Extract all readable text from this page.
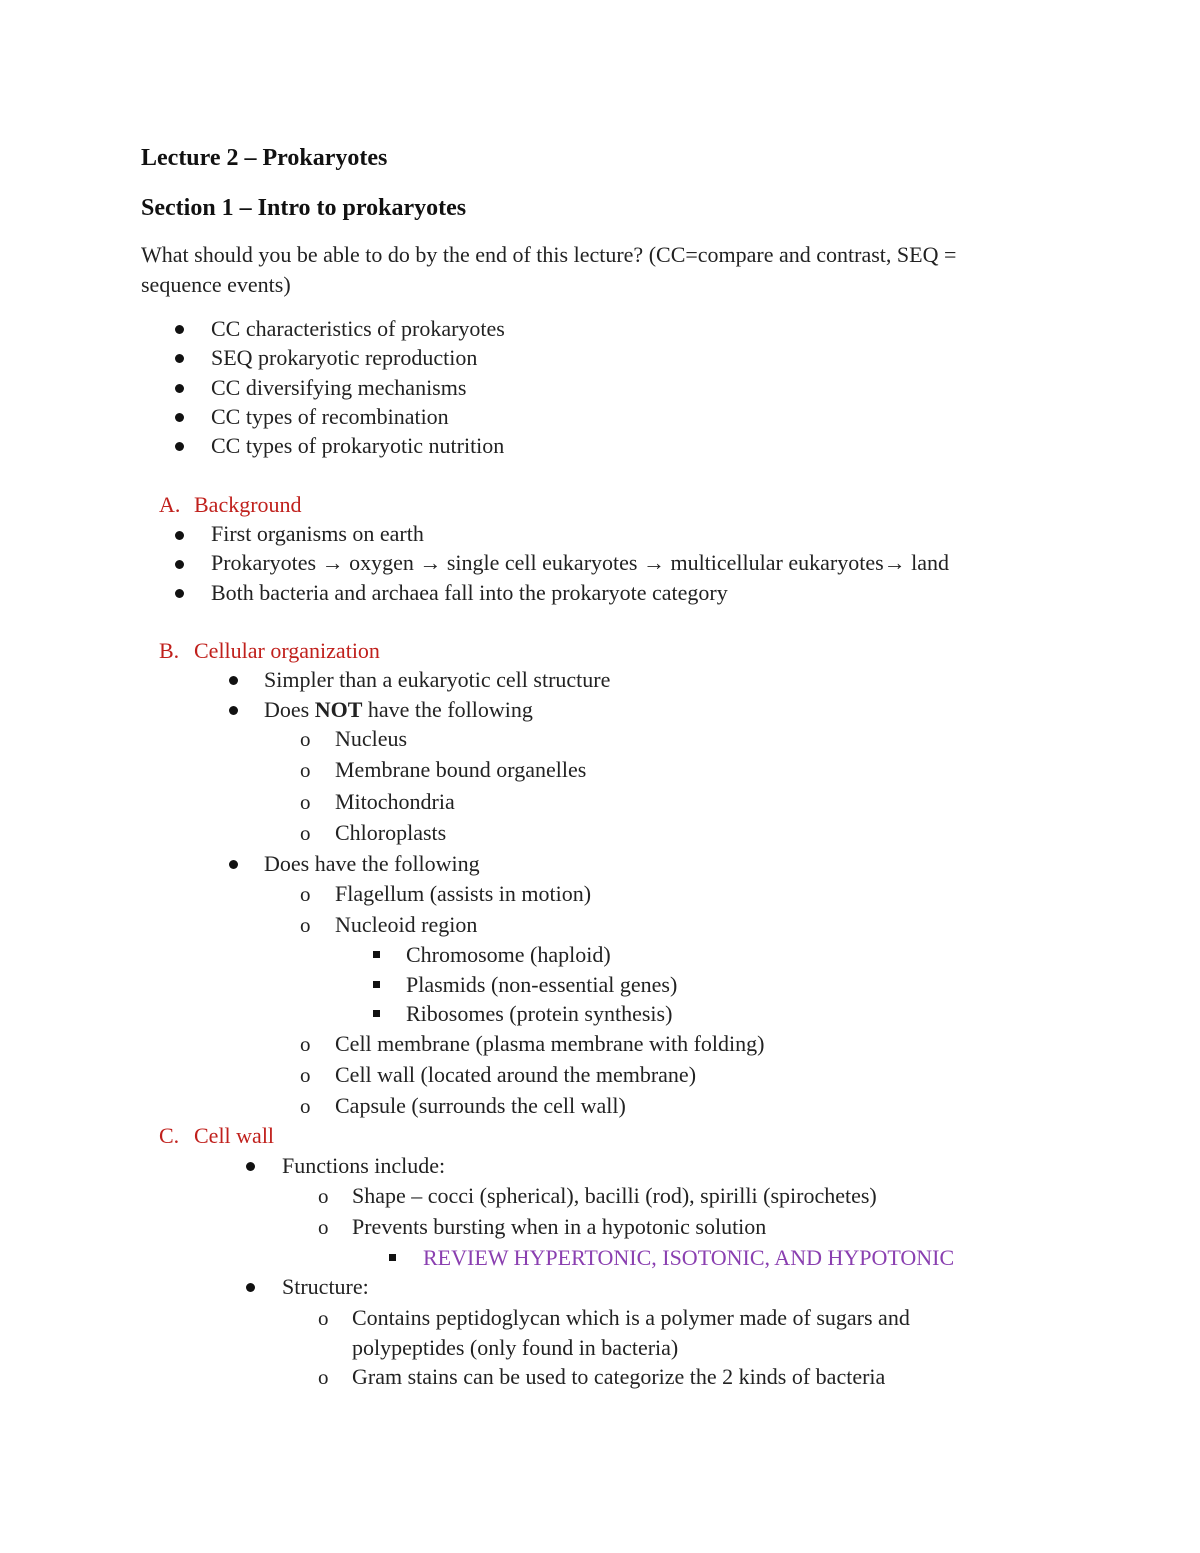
Lecture 2 – Prokaryotes
Section 1 – Intro to prokaryotes
What should you be able to do by the end of this lecture? (CC=compare and contrast, SEQ =
sequence events)
CC characteristics of prokaryotes
SEQ prokaryotic reproduction
CC diversifying mechanisms
CC types of recombination
CC types of prokaryotic nutrition
A. Background
First organisms on earth
Prokaryotes → oxygen → single cell eukaryotes → multicellular eukaryotes→ land
Both bacteria and archaea fall into the prokaryote category
B. Cellular organization
Simpler than a eukaryotic cell structure
Does NOT have the following
o Nucleus
o Membrane bound organelles
o Mitochondria
o Chloroplasts
Does have the following
o Flagellum (assists in motion)
o Nucleoid region
Chromosome (haploid)
Plasmids (non-essential genes)
Ribosomes (protein synthesis)
o Cell membrane (plasma membrane with folding)
o Cell wall (located around the membrane)
o Capsule (surrounds the cell wall)
C. Cell wall
Functions include:
o Shape – cocci (spherical), bacilli (rod), spirilli (spirochetes)
o Prevents bursting when in a hypotonic solution
REVIEW HYPERTONIC, ISOTONIC, AND HYPOTONIC
Structure:
o Contains peptidoglycan which is a polymer made of sugars and
polypeptides (only found in bacteria)
o Gram stains can be used to categorize the 2 kinds of bacteria
